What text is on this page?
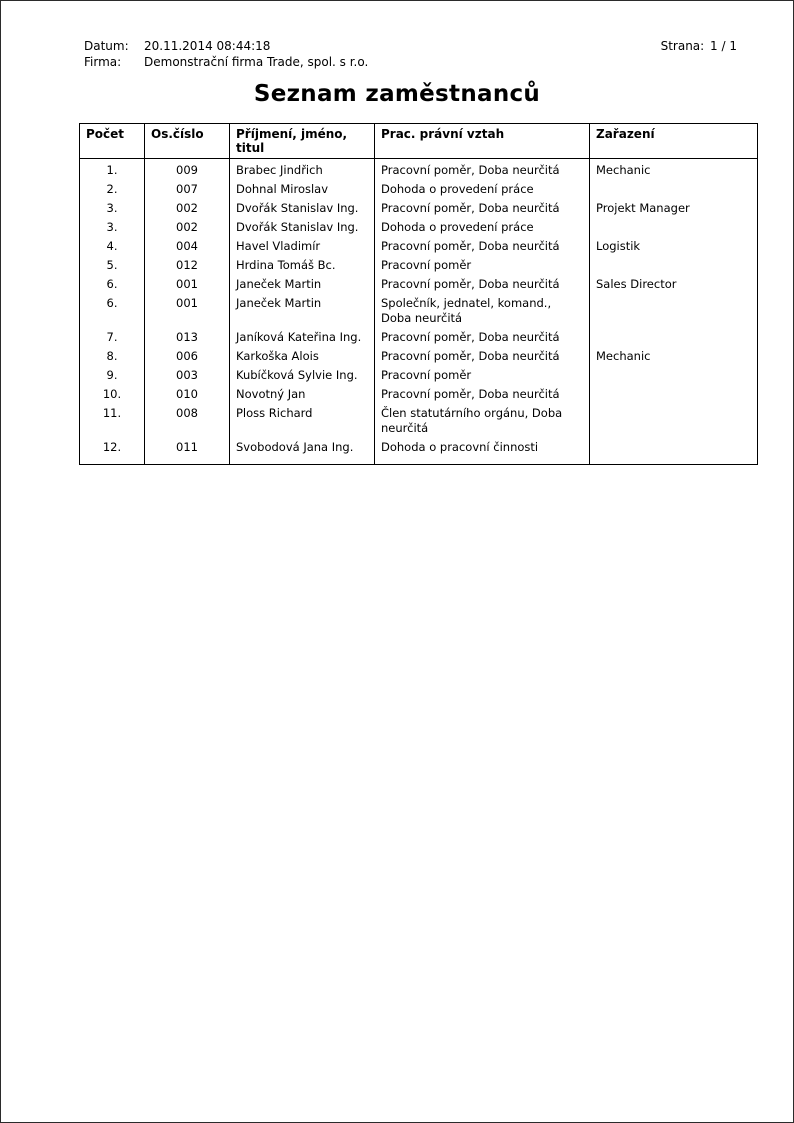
Datum:	20.11.2014 08:44:18
Firma:	Demonstrační firma Trade, spol. s r.o.
Strana: 1 / 1
Seznam zaměstnanců
Počet	Os.číslo	Příjmení, jméno, titul	Prac. právní vztah	Zařazení
1.	009	Brabec Jindřich	Pracovní poměr, Doba neurčitá	Mechanic
2.	007	Dohnal Miroslav	Dohoda o provedení práce	
3.	002	Dvořák Stanislav Ing.	Pracovní poměr, Doba neurčitá	Projekt Manager
3.	002	Dvořák Stanislav Ing.	Dohoda o provedení práce	
4.	004	Havel Vladimír	Pracovní poměr, Doba neurčitá	Logistik
5.	012	Hrdina Tomáš Bc.	Pracovní poměr	
6.	001	Janeček Martin	Pracovní poměr, Doba neurčitá	Sales Director
6.	001	Janeček Martin	Společník, jednatel, komand., Doba neurčitá	
7.	013	Janíková Kateřina Ing.	Pracovní poměr, Doba neurčitá	
8.	006	Karkoška Alois	Pracovní poměr, Doba neurčitá	Mechanic
9.	003	Kubíčková Sylvie Ing.	Pracovní poměr	
10.	010	Novotný Jan	Pracovní poměr, Doba neurčitá	
11.	008	Ploss Richard	Člen statutárního orgánu, Doba neurčitá	
12.	011	Svobodová Jana Ing.	Dohoda o pracovní činnosti	
